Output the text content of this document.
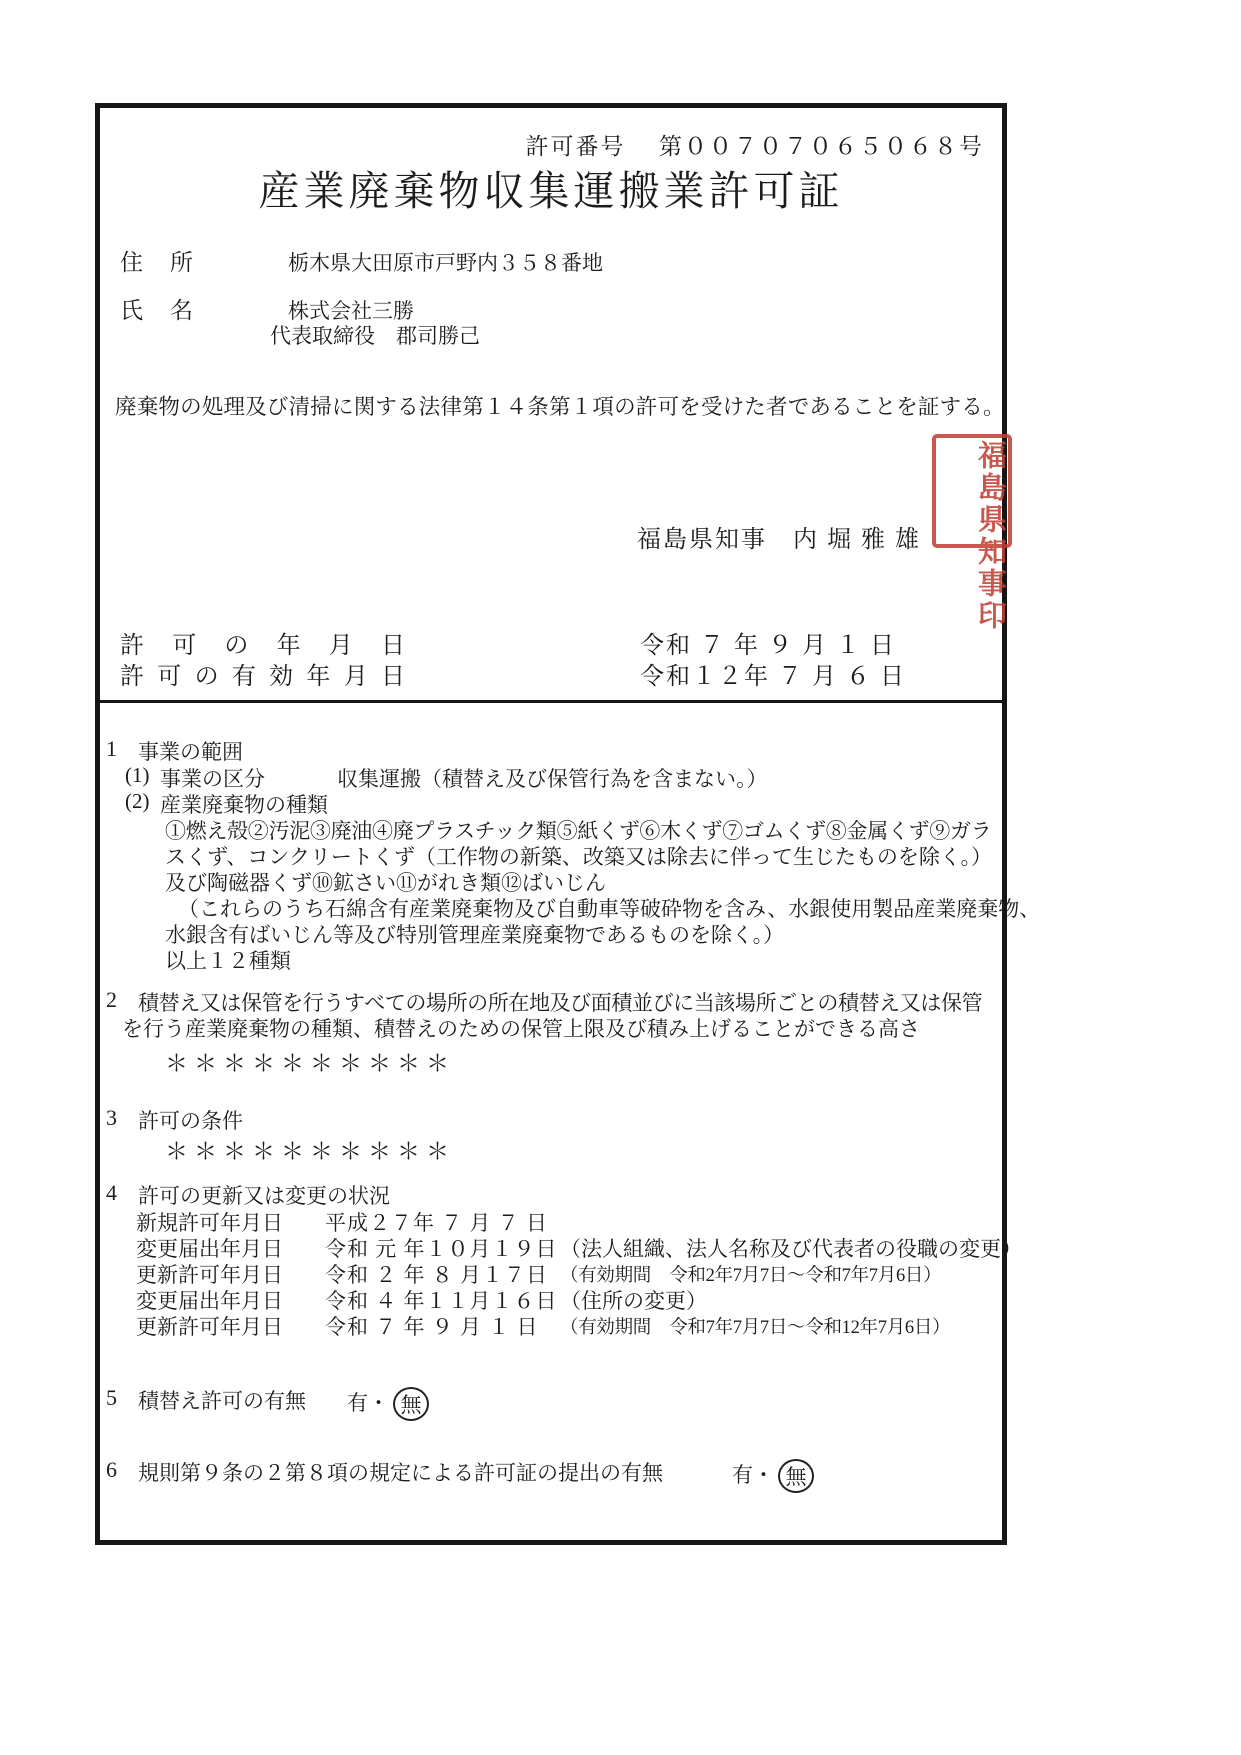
許可番号 第００７０７０６５０６８号
産業廃棄物収集運搬業許可証
住　所	栃木県大田原市戸野内３５８番地
氏　名	株式会社三勝
代表取締役　郡司勝己
廃棄物の処理及び清掃に関する法律第１４条第１項の許可を受けた者であることを証する。
福島県知事　内 堀 雅 雄	福島県知事印
許可の年月日	令和 ７ 年 ９ 月 １ 日
許可の有効年月日	令和１２年 ７ 月 ６ 日
1 事業の範囲
(1) 事業の区分	収集運搬（積替え及び保管行為を含まない。）
(2) 産業廃棄物の種類
①燃え殻②汚泥③廃油④廃プラスチック類⑤紙くず⑥木くず⑦ゴムくず⑧金属くず⑨ガラ
スくず、コンクリートくず（工作物の新築、改築又は除去に伴って生じたものを除く。）
及び陶磁器くず⑩鉱さい⑪がれき類⑫ばいじん
（これらのうち石綿含有産業廃棄物及び自動車等破砕物を含み、水銀使用製品産業廃棄物、
水銀含有ばいじん等及び特別管理産業廃棄物であるものを除く。）
以上１２種類
2 積替え又は保管を行うすべての場所の所在地及び面積並びに当該場所ごとの積替え又は保管
を行う産業廃棄物の種類、積替えのための保管上限及び積み上げることができる高さ
＊＊＊＊＊＊＊＊＊＊
3 許可の条件
＊＊＊＊＊＊＊＊＊＊
4 許可の更新又は変更の状況
新規許可年月日 平成２７年 ７ 月 ７ 日
変更届出年月日 令和 元 年１０月１９日 （法人組織、法人名称及び代表者の役職の変更）
更新許可年月日 令和 ２ 年 ８ 月１７日 （有効期間　令和2年7月7日～令和7年7月6日）
変更届出年月日 令和 ４ 年１１月１６日 （住所の変更）
更新許可年月日 令和 ７ 年 ９ 月 １ 日 （有効期間　令和7年7月7日～令和12年7月6日）
5 積替え許可の有無 有・ 無
6 規則第９条の２第８項の規定による許可証の提出の有無	有・ 無
